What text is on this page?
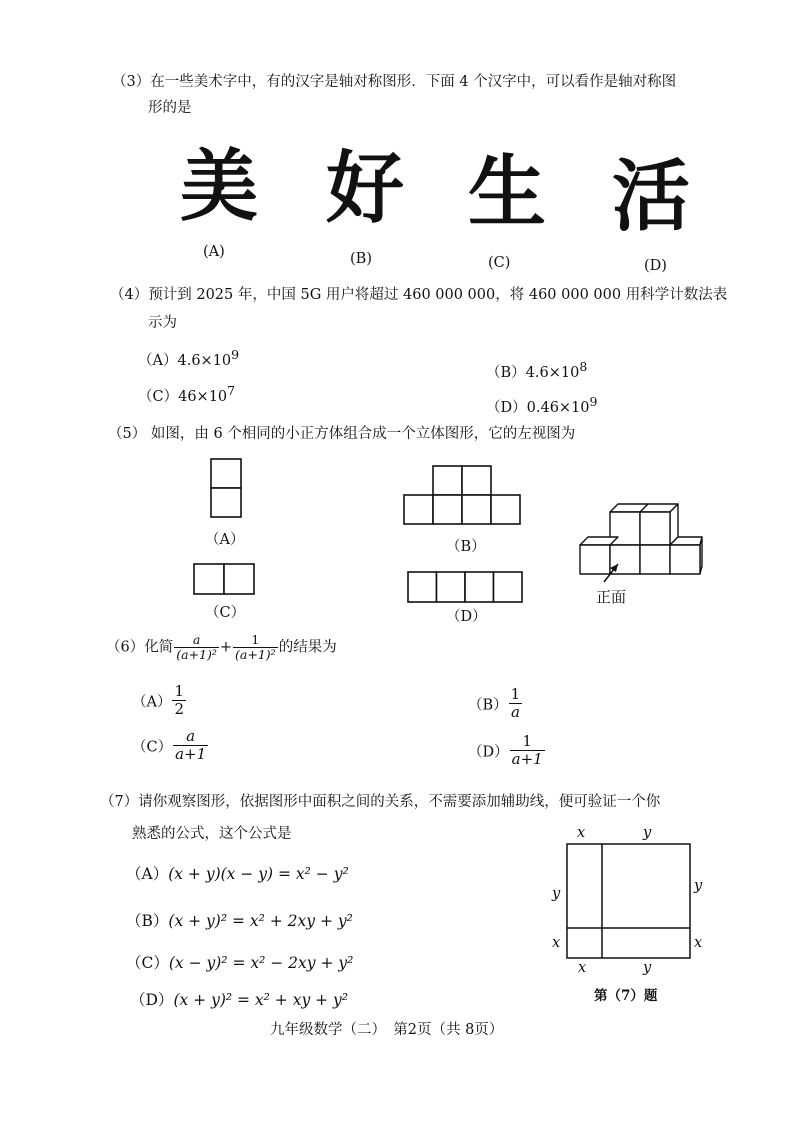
（3）在一些美术字中，有的汉字是轴对称图形．下面 4 个汉字中，可以看作是轴对称图
形的是
美 好 生 活
(A)	(B)	(C)	(D)
（4）预计到 2025 年，中国 5G 用户将超过 460 000 000，将 460 000 000 用科学计数法表
示为
$(A)4.6\times 10^9$
$(B)4.6\times 10^8$
$(C)46\times 10^7$
$(D)0.46\times 10^9$
（5） 如图，由 6 个相同的小正方体组合成一个立体图形，它的左视图为
（A）	（B）
（C）	（D）
正面
（6）化简 $\frac{a}{\text{(a+1)²}} + \frac{1}{\text{(a+1)²}}$ 的结果为
$(A) \frac{1}{2}$	$(B) \frac{1}{a}$
$(C) \frac{a}{a+1}$	$(D) \frac{1}{a+1}$
（7）请你观察图形，依据图形中面积之间的关系，不需要添加辅助线，便可验证一个你
熟悉的公式，这个公式是
（A）(x + y)(x − y) = x² − y²
（B）(x + y)² = x² + 2xy + y²
（C）(x − y)² = x² − 2xy + y²
（D）(x + y)² = x² + xy + y²
x	y
y
x
y
x
x	y
第（7）题
九年级数学（二）　第2页（共 8页）
